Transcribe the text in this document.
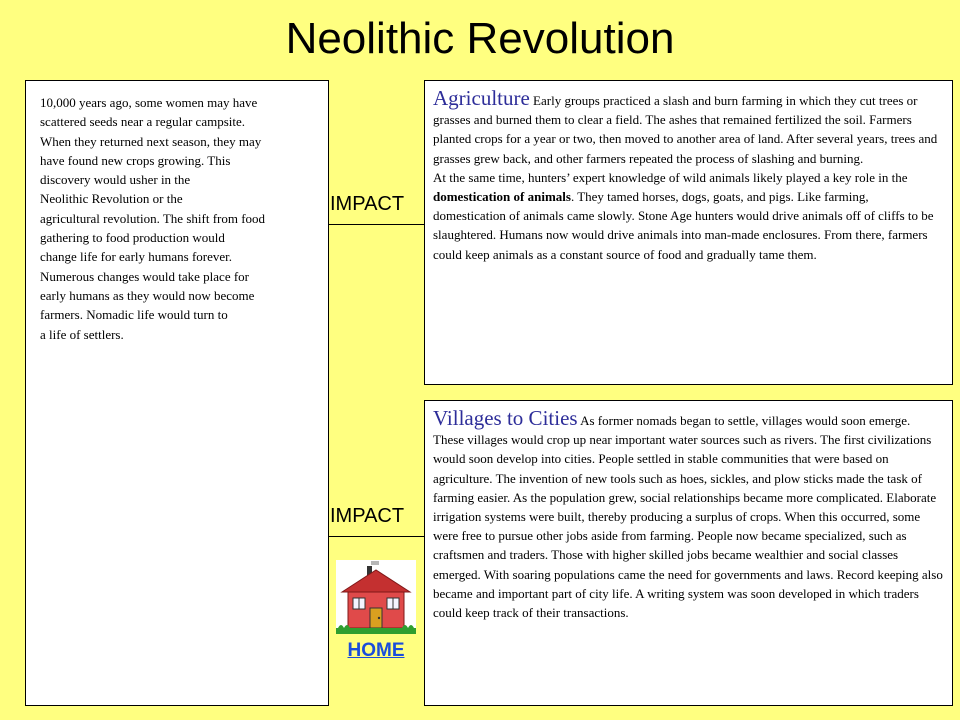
Neolithic Revolution

10,000 years ago, some women may have
scattered seeds near a regular campsite.
When they returned next season, they may
have found new crops growing. This
discovery would usher in the
Neolithic Revolution or the
agricultural revolution. The shift from food
gathering to food production would
change life for early humans forever.
Numerous changes would take place for
early humans as they would now become
farmers. Nomadic life would turn to
a life of settlers.

IMPACT
IMPACT

Agriculture Early groups practiced a slash and burn farming in which they cut trees or grasses and burned them to clear a field. The ashes that remained fertilized the soil. Farmers planted crops for a year or two, then moved to another area of land. After several years, trees and grasses grew back, and other farmers repeated the process of slashing and burning.

At the same time, hunters’ expert knowledge of wild animals likely played a key role in the domestication of animals. They tamed horses, dogs, goats, and pigs. Like farming, domestication of animals came slowly. Stone Age hunters would drive animals off of cliffs to be slaughtered. Humans now would drive animals into man-made enclosures. From there, farmers could keep animals as a constant source of food and gradually tame them.

Villages to Cities As former nomads began to settle, villages would soon emerge. These villages would crop up near important water sources such as rivers. The first civilizations would soon develop into cities. People settled in stable communities that were based on agriculture. The invention of new tools such as hoes, sickles, and plow sticks made the task of farming easier. As the population grew, social relationships became more complicated. Elaborate irrigation systems were built, thereby producing a surplus of crops. When this occurred, some were free to pursue other jobs aside from farming. People now became specialized, such as craftsmen and traders. Those with higher skilled jobs became wealthier and social classes emerged. With soaring populations came the need for governments and laws. Record keeping also became and important part of city life. A writing system was soon developed in which traders could keep track of their transactions.

HOME
